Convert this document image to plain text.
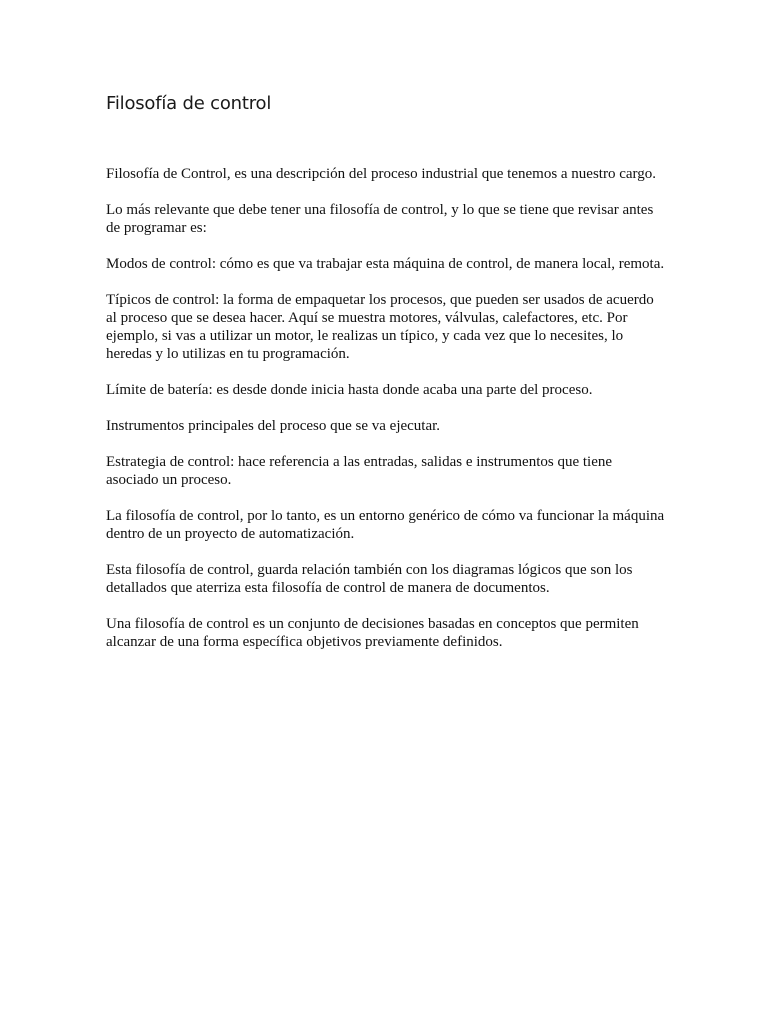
Filosofía de control

Filosofía de Control, es una descripción del proceso industrial que tenemos a nuestro cargo.

Lo más relevante que debe tener una filosofía de control, y lo que se tiene que revisar antes de programar es:

Modos de control: cómo es que va trabajar esta máquina de control, de manera local, remota.

Típicos de control: la forma de empaquetar los procesos, que pueden ser usados de acuerdo al proceso que se desea hacer. Aquí se muestra motores, válvulas, calefactores, etc. Por ejemplo, si vas a utilizar un motor, le realizas un típico, y cada vez que lo necesites, lo heredas y lo utilizas en tu programación.

Límite de batería: es desde donde inicia hasta donde acaba una parte del proceso.

Instrumentos principales del proceso que se va ejecutar.

Estrategia de control: hace referencia a las entradas, salidas e instrumentos que tiene asociado un proceso.

La filosofía de control, por lo tanto, es un entorno genérico de cómo va funcionar la máquina dentro de un proyecto de automatización.

Esta filosofía de control, guarda relación también con los diagramas lógicos que son los detallados que aterriza esta filosofía de control de manera de documentos.

Una filosofía de control es un conjunto de decisiones basadas en conceptos que permiten alcanzar de una forma específica objetivos previamente definidos.
